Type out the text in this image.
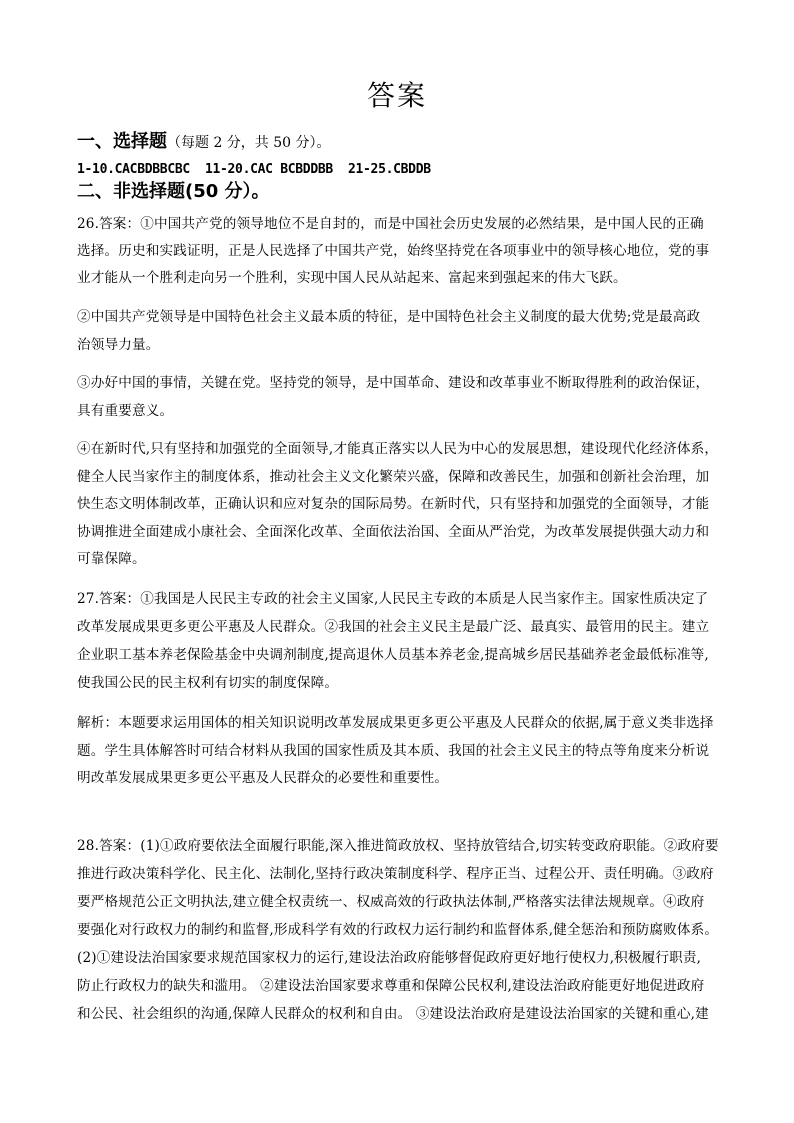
答案
一、选择题（每题 2 分，共 50 分）。
1-10.CACBDBBCBC  11-20.CAC BCBDDBB  21-25.CBDDB
二、非选择题(50 分）。
26.答案：①中国共产党的领导地位不是自封的，而是中国社会历史发展的必然结果，是中国人民的正确
选择。历史和实践证明，正是人民选择了中国共产党，始终坚持党在各项事业中的领导核心地位，党的事
业才能从一个胜利走向另一个胜利，实现中国人民从站起来、富起来到强起来的伟大飞跃。
②中国共产党领导是中国特色社会主义最本质的特征，是中国特色社会主义制度的最大优势;党是最高政
治领导力量。
③办好中国的事情，关键在党。坚持党的领导，是中国革命、建设和改革事业不断取得胜利的政治保证，
具有重要意义。
④在新时代,只有坚持和加强党的全面领导,才能真正落实以人民为中心的发展思想，建设现代化经济体系，
健全人民当家作主的制度体系，推动社会主义文化繁荣兴盛，保障和改善民生，加强和创新社会治理，加
快生态文明体制改革，正确认识和应对复杂的国际局势。在新时代，只有坚持和加强党的全面领导，才能
协调推进全面建成小康社会、全面深化改革、全面依法治国、全面从严治党，为改革发展提供强大动力和
可靠保障。
27.答案：①我国是人民民主专政的社会主义国家,人民民主专政的本质是人民当家作主。国家性质决定了
改革发展成果更多更公平惠及人民群众。②我国的社会主义民主是最广泛、最真实、最管用的民主。建立
企业职工基本养老保险基金中央调剂制度,提高退休人员基本养老金,提高城乡居民基础养老金最低标准等,
使我国公民的民主权利有切实的制度保障。
解析：本题要求运用国体的相关知识说明改革发展成果更多更公平惠及人民群众的依据,属于意义类非选择
题。学生具体解答时可结合材料从我国的国家性质及其本质、我国的社会主义民主的特点等角度来分析说
明改革发展成果更多更公平惠及人民群众的必要性和重要性。
28.答案：(1)①政府要依法全面履行职能,深入推进简政放权、坚持放管结合,切实转变政府职能。②政府要
推进行政决策科学化、民主化、法制化,坚持行政决策制度科学、程序正当、过程公开、责任明确。③政府
要严格规范公正文明执法,建立健全权责统一、权威高效的行政执法体制,严格落实法律法规规章。④政府
要强化对行政权力的制约和监督,形成科学有效的行政权力运行制约和监督体系,健全惩治和预防腐败体系。
(2)①建设法治国家要求规范国家权力的运行,建设法治政府能够督促政府更好地行使权力,积极履行职责,
防止行政权力的缺失和滥用。 ②建设法治国家要求尊重和保障公民权利,建设法治政府能更好地促进政府
和公民、社会组织的沟通,保障人民群众的权利和自由。 ③建设法治政府是建设法治国家的关键和重心,建
